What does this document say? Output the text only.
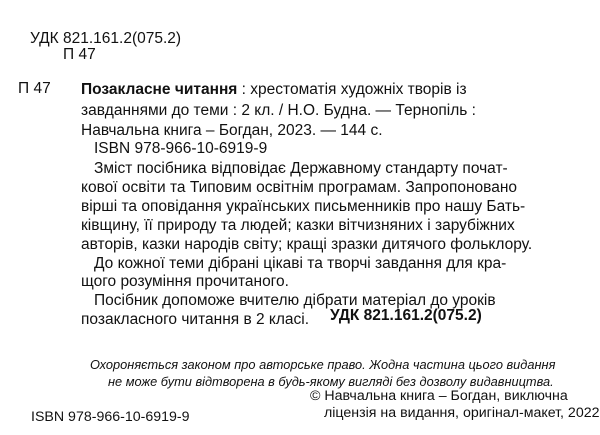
УДК 821.161.2(075.2)
П 47
П 47 Позакласне читання : хрестоматія художніх творів із
завданнями до теми : 2 кл. / Н.О. Будна. — Тернопіль :
Навчальна книга – Богдан, 2023. — 144 с.
ISBN 978-966-10-6919-9
Зміст посібника відповідає Державному стандарту почат-
кової освіти та Типовим освітнім програмам. Запропоновано
вірші та оповідання українських письменників про нашу Бать-
ківщину, її природу та людей; казки вітчизняних і зарубіжних
авторів, казки народів світу; кращі зразки дитячого фольклору.
До кожної теми дібрані цікаві та творчі завдання для кра-
щого розуміння прочитаного.
Посібник допоможе вчителю дібрати матеріал до уроків
позакласного читання в 2 класі.	УДК 821.161.2(075.2)
Охороняється законом про авторське право. Жодна частина цього видання
не може бути відтворена в будь-якому вигляді без дозволу видавництва.
ISBN 978-966-10-6919-9
© Навчальна книга – Богдан, виключна
ліцензія на видання, оригінал-макет, 2022
